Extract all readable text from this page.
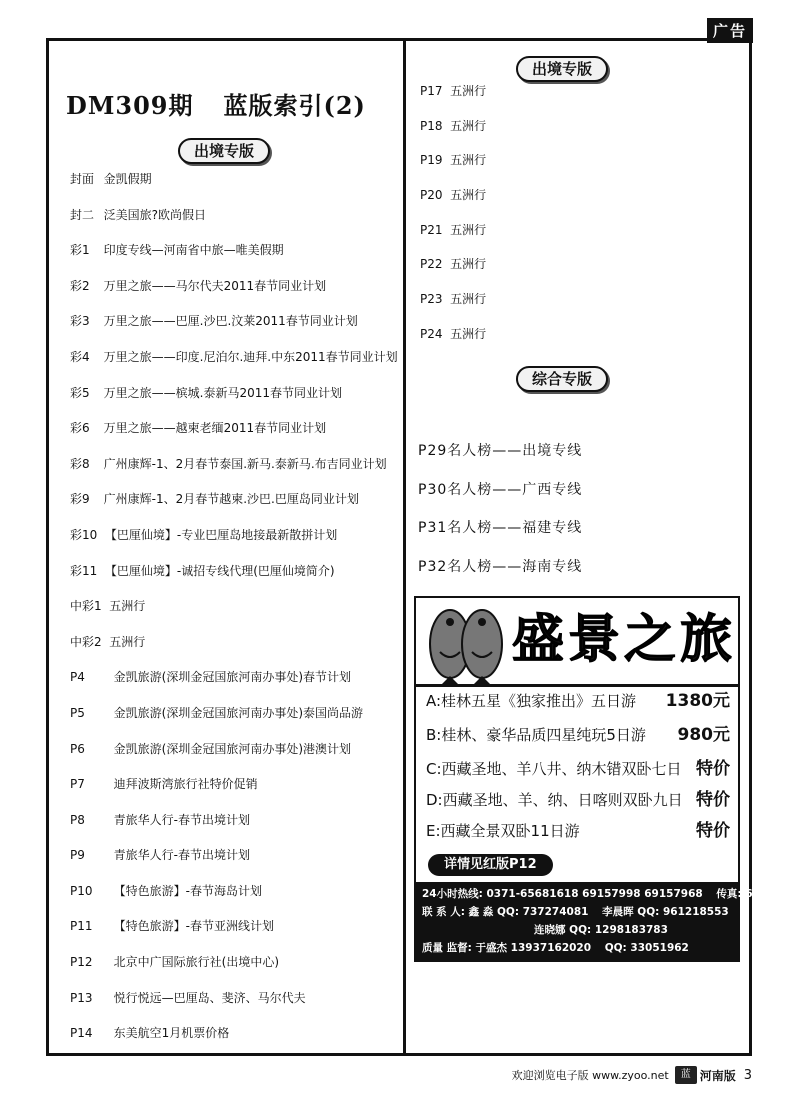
广告
DM309期 蓝版索引(2)
出境专版
封面 金凯假期
封二 泛美国旅?欧尚假日
彩1 印度专线—河南省中旅—唯美假期
彩2 万里之旅——马尔代夫2011春节同业计划
彩3 万里之旅——巴厘.沙巴.汶莱2011春节同业计划
彩4 万里之旅——印度.尼泊尔.迪拜.中东2011春节同业计划
彩5 万里之旅——槟城.泰新马2011春节同业计划
彩6 万里之旅——越柬老缅2011春节同业计划
彩8 广州康辉-1、2月春节泰国.新马.泰新马.布吉同业计划
彩9 广州康辉-1、2月春节越柬.沙巴.巴厘岛同业计划
彩10 【巴厘仙境】-专业巴厘岛地接最新散拼计划
彩11 【巴厘仙境】-诚招专线代理(巴厘仙境简介)
中彩1 五洲行
中彩2 五洲行
P4 金凯旅游(深圳金冠国旅河南办事处)春节计划
P5 金凯旅游(深圳金冠国旅河南办事处)泰国尚品游
P6 金凯旅游(深圳金冠国旅河南办事处)港澳计划
P7 迪拜波斯湾旅行社特价促销
P8 青旅华人行-春节出境计划
P9 青旅华人行-春节出境计划
P10 【特色旅游】-春节海岛计划
P11 【特色旅游】-春节亚洲线计划
P12 北京中广国际旅行社(出境中心)
P13 悦行悦远—巴厘岛、斐济、马尔代夫
P14 东美航空1月机票价格
出境专版
P17 五洲行
P18 五洲行
P19 五洲行
P20 五洲行
P21 五洲行
P22 五洲行
P23 五洲行
P24 五洲行
综合专版
P29名人榜——出境专线
P30名人榜——广西专线
P31名人榜——福建专线
P32名人榜——海南专线
盛景之旅
A:桂林五星《独家推出》五日游 1380元
B:桂林、豪华品质四星纯玩5日游 980元
C:西藏圣地、羊八井、纳木错双卧七日 特价
D:西藏圣地、羊、纳、日喀则双卧九日 特价
E:西藏全景双卧11日游	特价
详情见红版P12
24小时热线: 0371-65681618 69157998 69157968 传真: 69157966
联 系 人: 鑫 淼 QQ: 737274081 李晨晖 QQ: 961218553
连晓娜 QQ: 1298183783
质量 监督: 于盛杰 13937162020 QQ: 33051962
欢迎浏览电子版 www.zyoo.net	蓝 河南版 3
